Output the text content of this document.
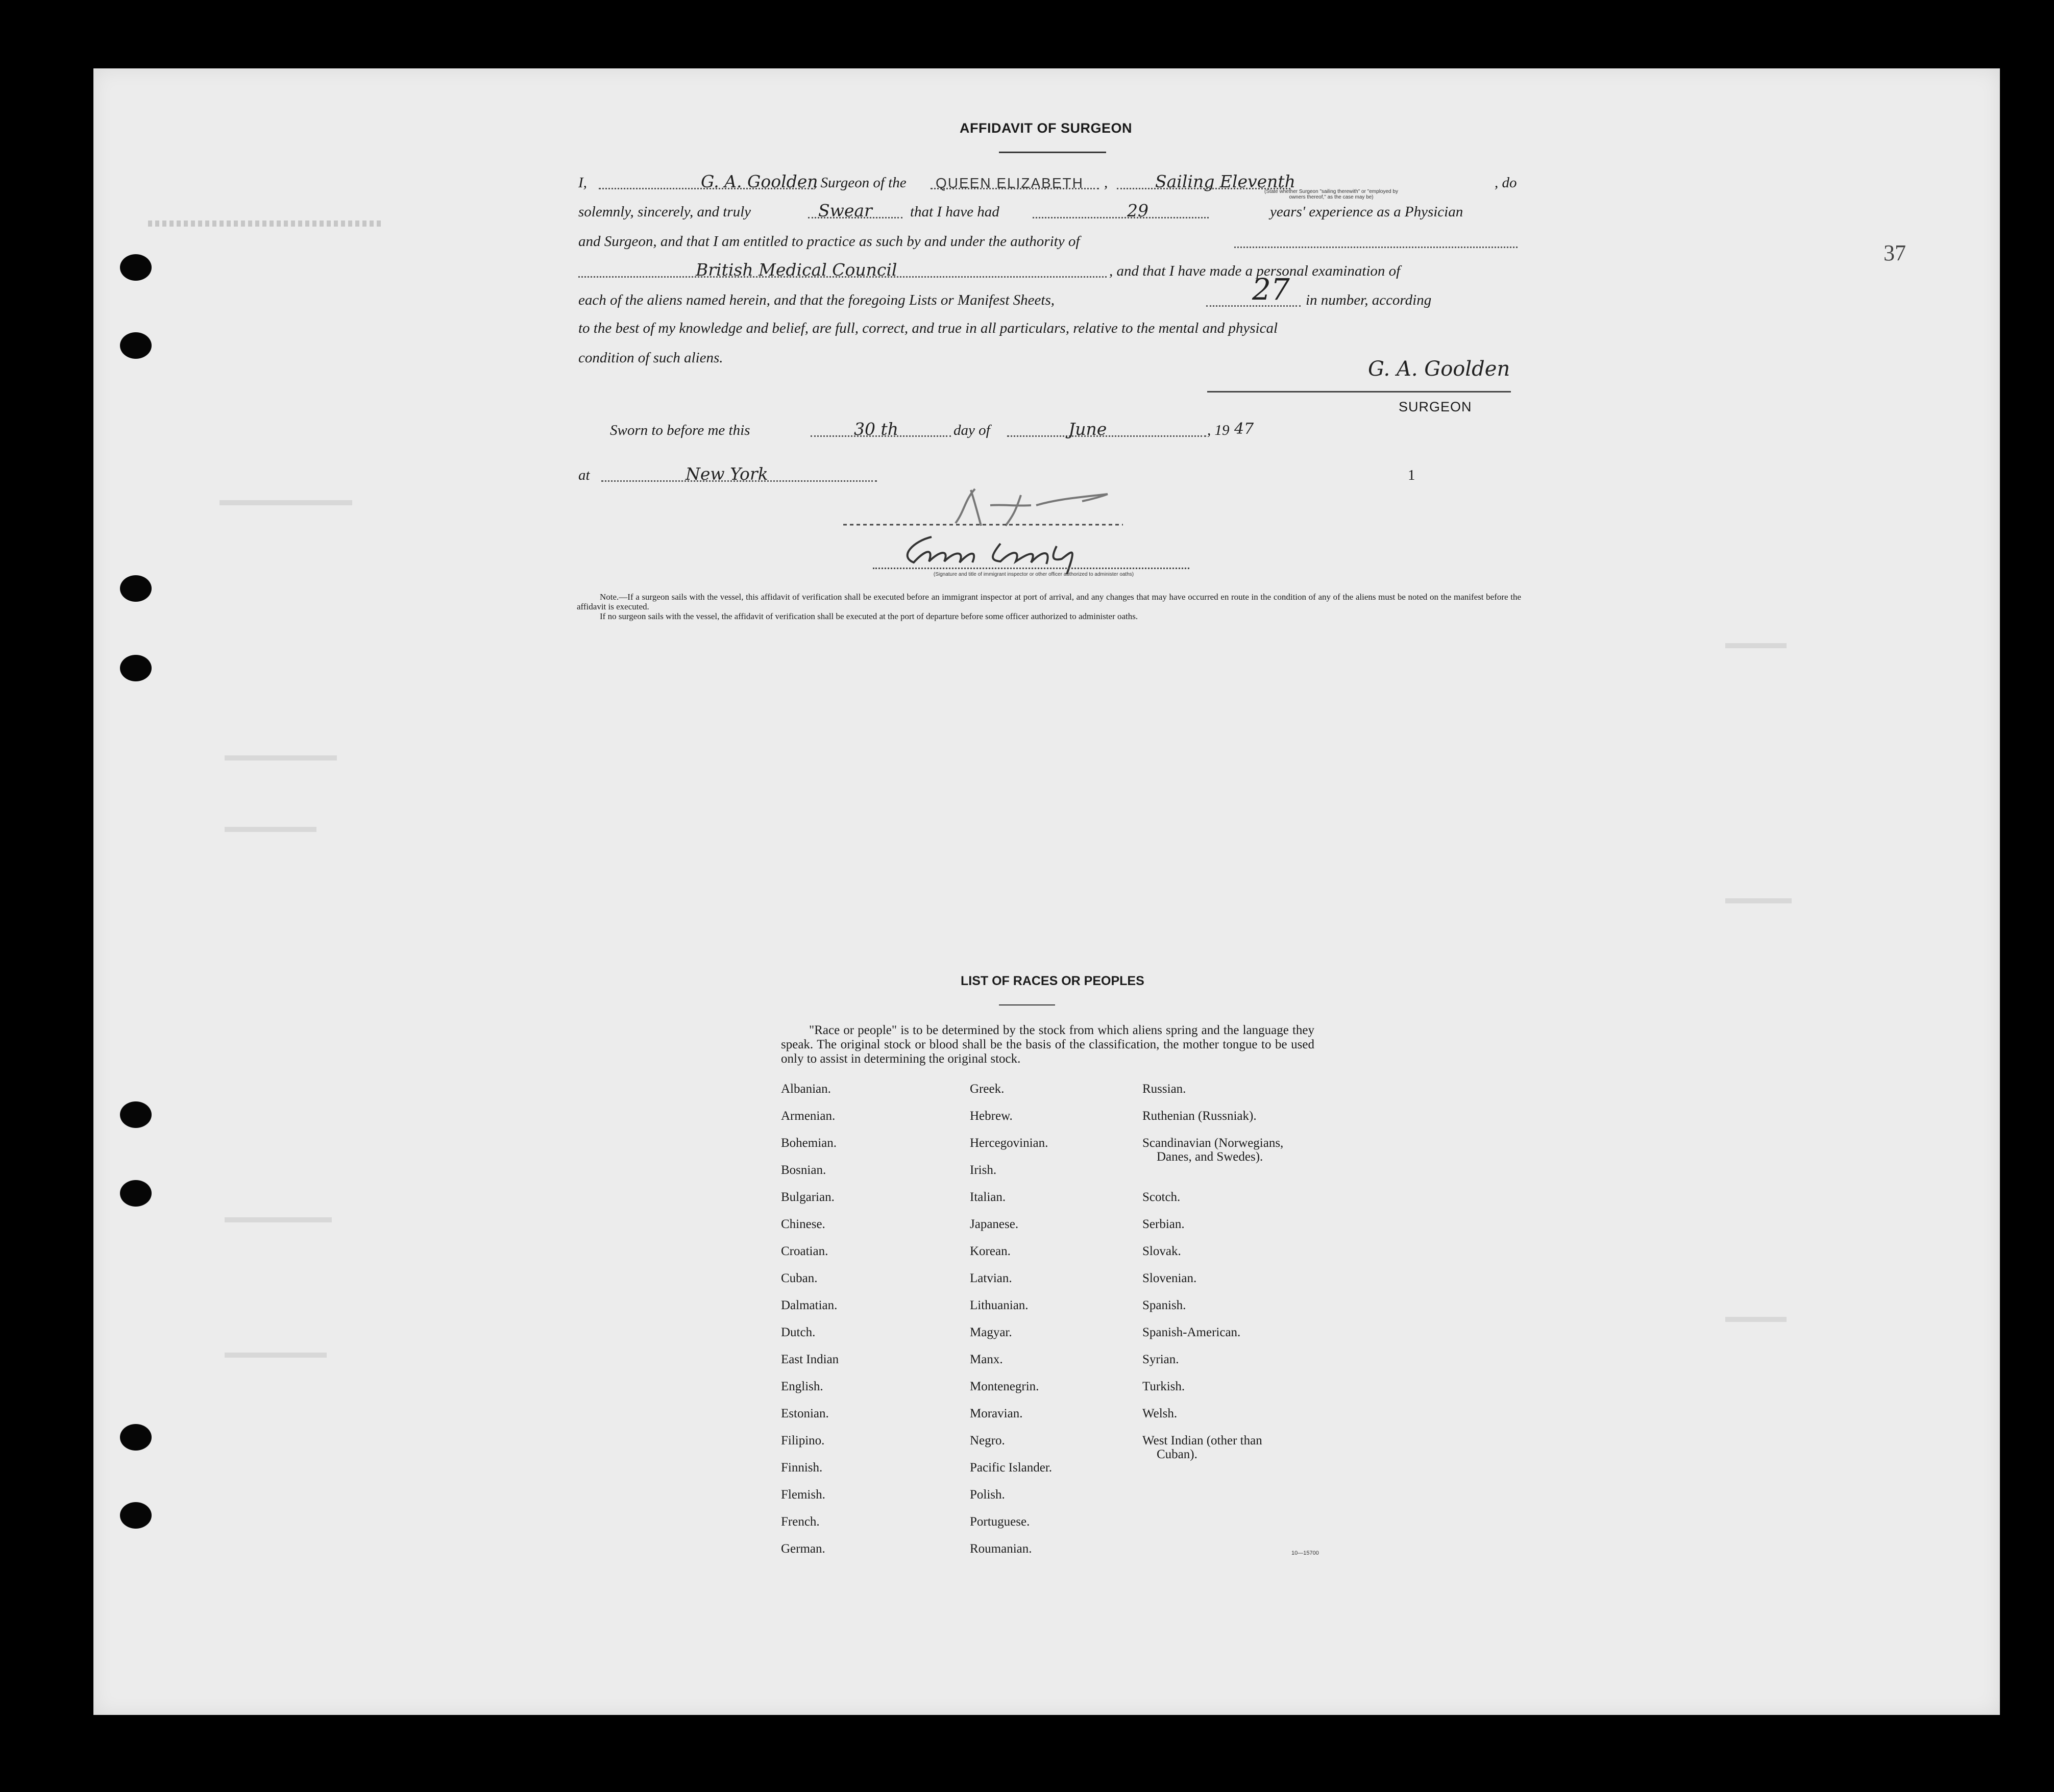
37
AFFIDAVIT OF SURGEON
I,	G. A. Goolden
, Surgeon of the QUEEN ELIZABETH ,	Sailing Eleventh	, do
(State whether Surgeon "sailing therewith" or "employed by owners thereof," as the case may be)
solemnly, sincerely, and truly	Swear	that I have had	29	years' experience as a Physician
and Surgeon, and that I am entitled to practice as such by and under the authority of
British Medical Council	, and that I have made a personal examination of
each of the aliens named herein, and that the foregoing Lists or Manifest Sheets,	27 in number, according
to the best of my knowledge and belief, are full, correct, and true in all particulars, relative to the mental and physical
condition of such aliens.	G. A. Goolden
SURGEON
Sworn to before me this	30 th	day of	June	, 19 47
at	New York	1
(Signature and title of immigrant inspector or other officer authorized to administer oaths)

Note.—If a surgeon sails with the vessel, this affidavit of verification shall be executed before an immigrant inspector at port of arrival, and any changes that may have occurred en route in the condition of any of the aliens must be noted on the manifest before the affidavit is executed.

If no surgeon sails with the vessel, the affidavit of verification shall be executed at the port of departure before some officer authorized to administer oaths.

LIST OF RACES OR PEOPLES

"Race or people" is to be determined by the stock from which aliens spring and the language they speak. The original stock or blood shall be the basis of the classification, the mother tongue to be used only to assist in determining the original stock.

Albanian.
Armenian.
Bohemian.
Bosnian.
Bulgarian.
Chinese.
Croatian.
Cuban.
Dalmatian.
Dutch.
East Indian
English.
Estonian.
Filipino.
Finnish.
Flemish.
French.
German.
Greek.
Hebrew.
Hercegovinian.
Irish.
Italian.
Japanese.
Korean.
Latvian.
Lithuanian.
Magyar.
Manx.
Montenegrin.
Moravian.
Negro.
Pacific Islander.
Polish.
Portuguese.
Roumanian.
Russian.
Ruthenian (Russniak).
Scandinavian (Norwegians,
Danes, and Swedes).
Scotch.
Serbian.
Slovak.
Slovenian.
Spanish.
Spanish-American.
Syrian.
Turkish.
Welsh.
West Indian (other than
Cuban).
10—15700
